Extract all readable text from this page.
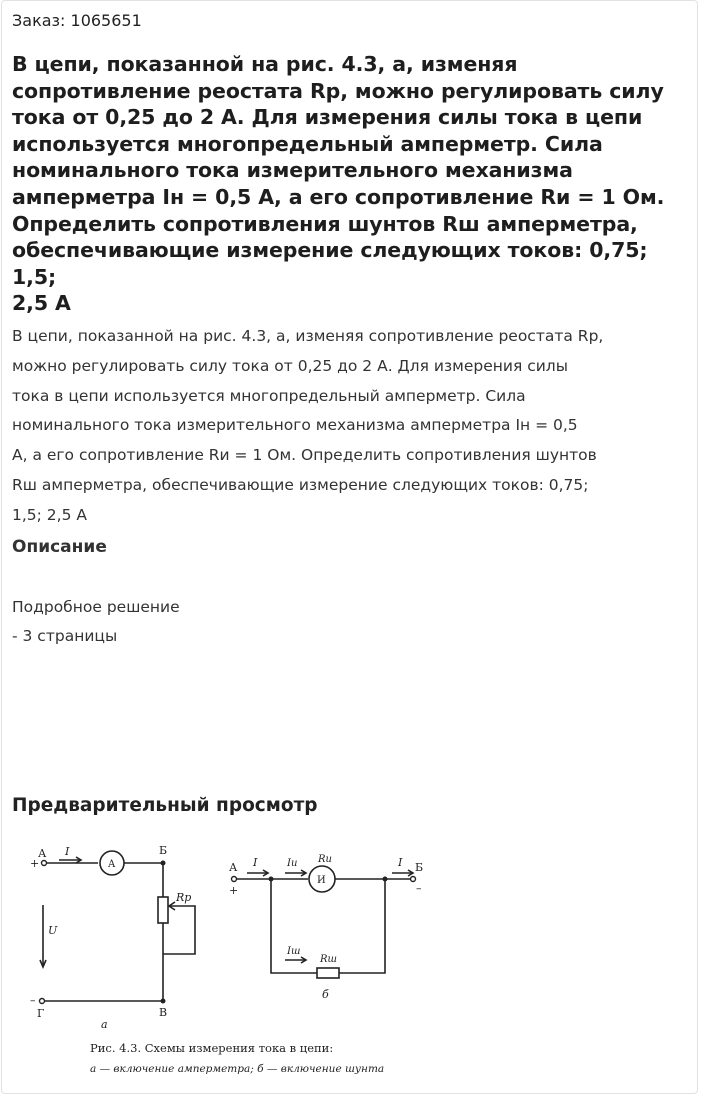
Заказ: 1065651
В цепи, показанной на рис. 4.3, а, изменяя
сопротивление реостата Rр, можно регулировать силу
тока от 0,25 до 2 А. Для измерения силы тока в цепи
используется многопредельный амперметр. Сила
номинального тока измерительного механизма
амперметра Iн = 0,5 А, а его сопротивление Rи = 1 Ом.
Определить сопротивления шунтов Rш амперметра,
обеспечивающие измерение следующих токов: 0,75; 1,5;
2,5 А
В цепи, показанной на рис. 4.3, а, изменяя сопротивление реостата Rр,
можно регулировать силу тока от 0,25 до 2 А. Для измерения силы
тока в цепи используется многопредельный амперметр. Сила
номинального тока измерительного механизма амперметра Iн = 0,5
А, а его сопротивление Rи = 1 Ом. Определить сопротивления шунтов
Rш амперметра, обеспечивающие измерение следующих токов: 0,75;
1,5; 2,5 А
Описание
Подробное решение
- 3 страницы
Предварительный просмотр
А
+
I
A
Б
Rр
U
–
Г	В
а
А
+
I	Iи Rи
И
I Б
–
Iш
Rш
б
Рис. 4.3. Схемы измерения тока в цепи:
а — включение амперметра; б — включение шунта
